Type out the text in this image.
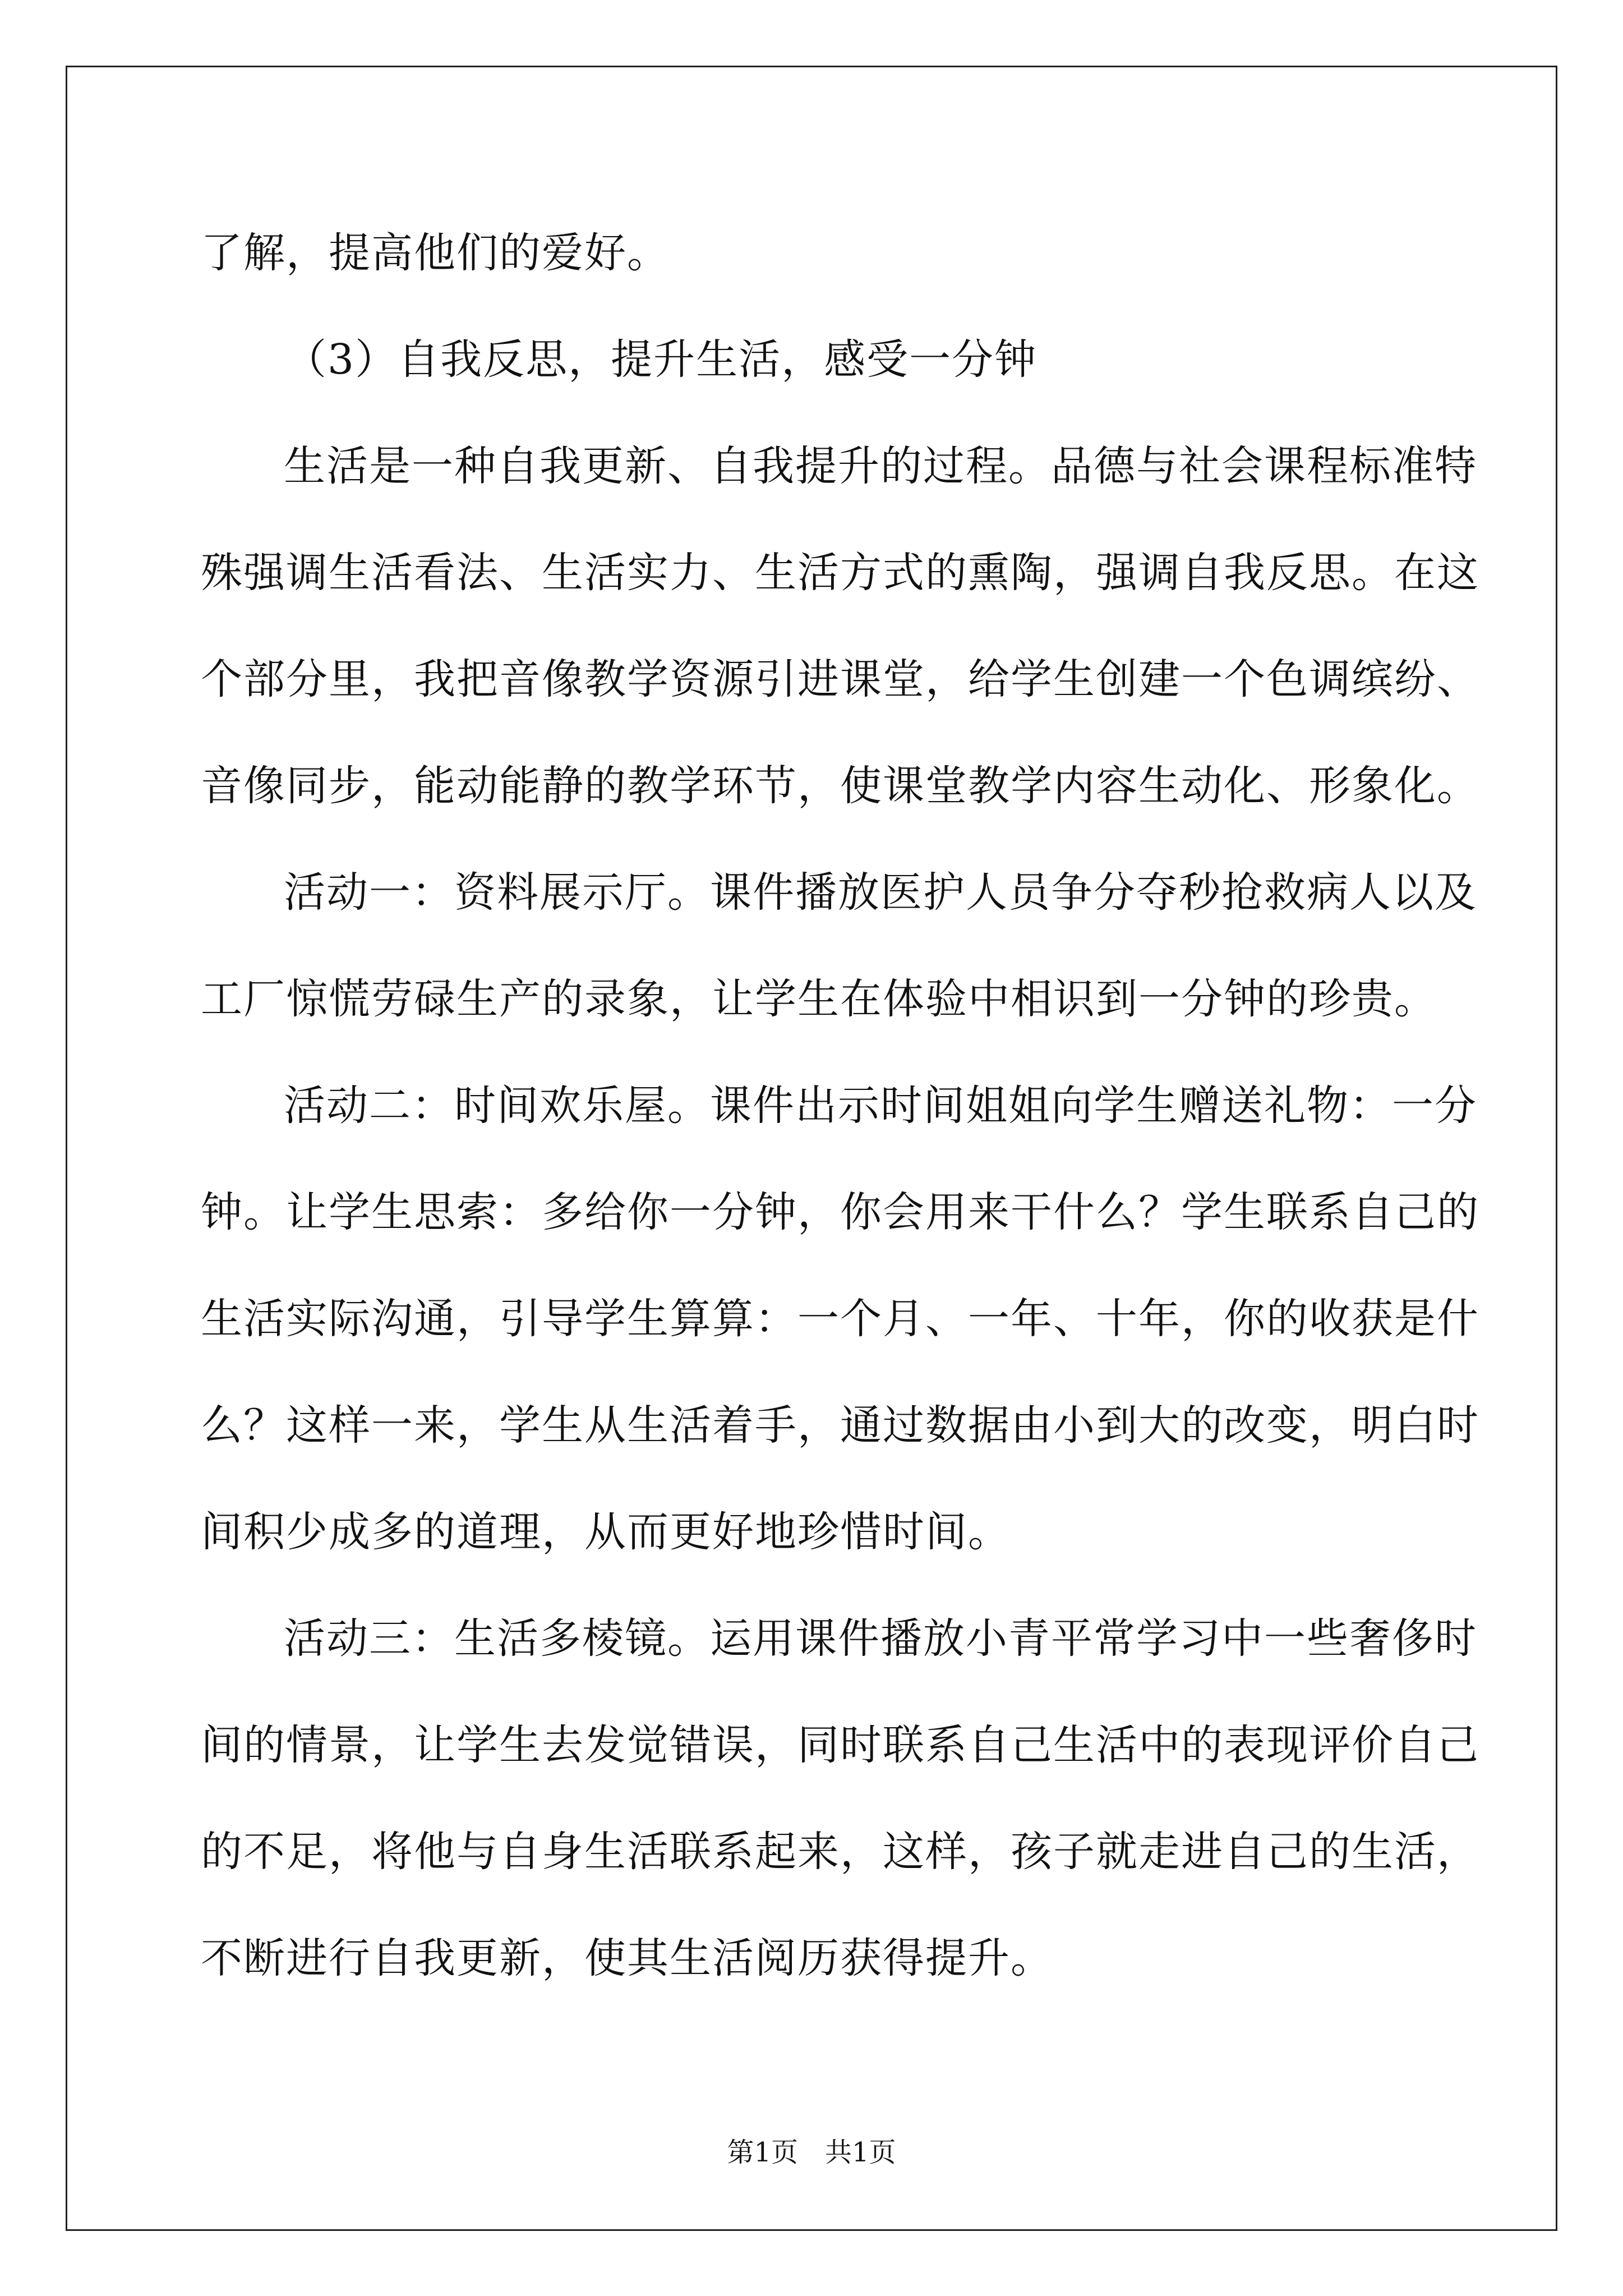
了解，提高他们的爱好。
（3）自我反思，提升生活，感受一分钟
生活是一种自我更新、自我提升的过程。品德与社会课程标准特
殊强调生活看法、生活实力、生活方式的熏陶，强调自我反思。在这
个部分里，我把音像教学资源引进课堂，给学生创建一个色调缤纷、
音像同步，能动能静的教学环节，使课堂教学内容生动化、形象化。
活动一：资料展示厅。课件播放医护人员争分夺秒抢救病人以及
工厂惊慌劳碌生产的录象，让学生在体验中相识到一分钟的珍贵。
活动二：时间欢乐屋。课件出示时间姐姐向学生赠送礼物：一分
钟。让学生思索：多给你一分钟，你会用来干什么？学生联系自己的
生活实际沟通，引导学生算算：一个月、一年、十年，你的收获是什
么？这样一来，学生从生活着手，通过数据由小到大的改变，明白时
间积少成多的道理，从而更好地珍惜时间。
活动三：生活多棱镜。运用课件播放小青平常学习中一些奢侈时
间的情景，让学生去发觉错误，同时联系自己生活中的表现评价自己
的不足，将他与自身生活联系起来，这样，孩子就走进自己的生活，
不断进行自我更新，使其生活阅历获得提升。
第1页　共1页
